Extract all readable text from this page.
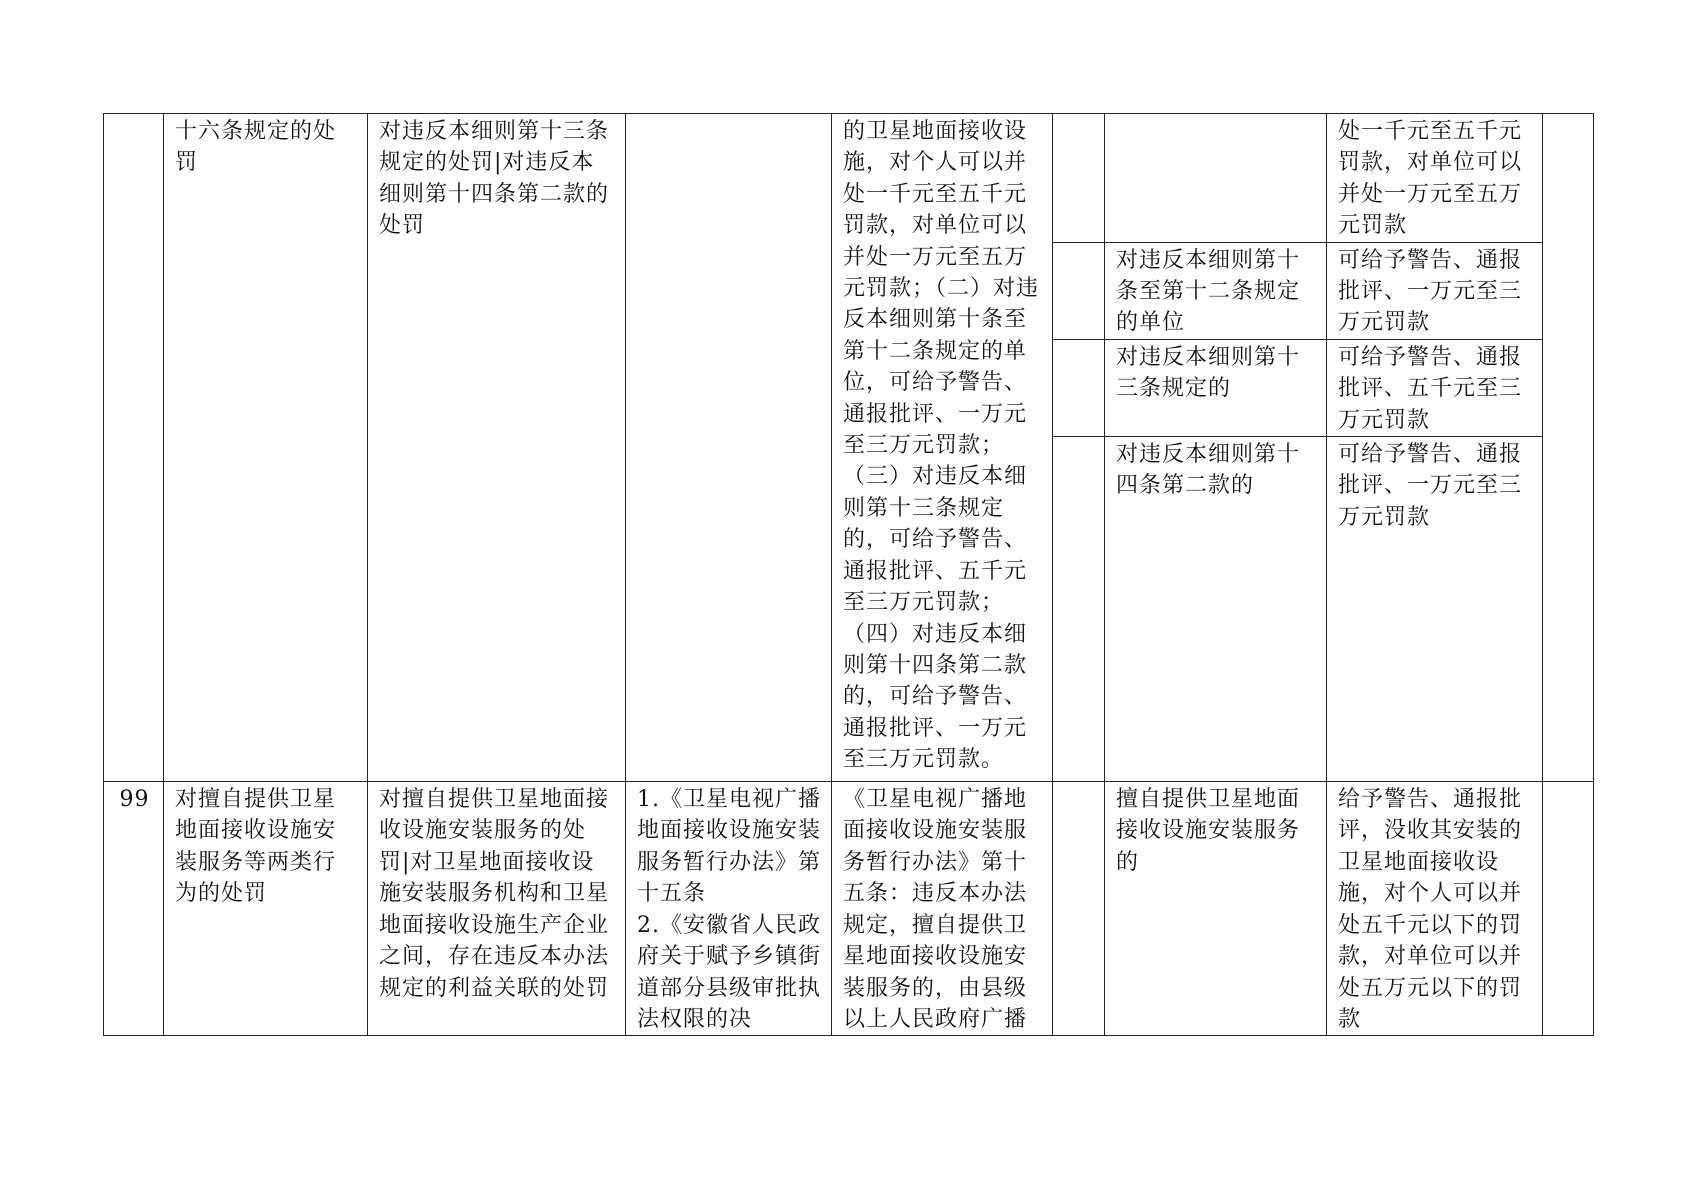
	十六条规定的处罚	对违反本细则第十三条规定的处罚|对违反本细则第十四条第二款的处罚		的卫星地面接收设施，对个人可以并处一千元至五千元罚款，对单位可以并处一万元至五万元罚款；（二）对违反本细则第十条至第十二条规定的单位，可给予警告、通报批评、一万元至三万元罚款；（三）对违反本细则第十三条规定的，可给予警告、通报批评、五千元至三万元罚款；（四）对违反本细则第十四条第二款的，可给予警告、通报批评、一万元至三万元罚款。			处一千元至五千元罚款，对单位可以并处一万元至五万元罚款	
						对违反本细则第十条至第十二条规定的单位	可给予警告、通报批评、一万元至三万元罚款	
						对违反本细则第十三条规定的	可给予警告、通报批评、五千元至三万元罚款	
						对违反本细则第十四条第二款的	可给予警告、通报批评、一万元至三万元罚款	
99	对擅自提供卫星地面接收设施安装服务等两类行为的处罚	对擅自提供卫星地面接收设施安装服务的处罚|对卫星地面接收设施安装服务机构和卫星地面接收设施生产企业之间，存在违反本办法规定的利益关联的处罚	1.《卫星电视广播地面接收设施安装服务暂行办法》第十五条
2.《安徽省人民政府关于赋予乡镇街道部分县级审批执法权限的决	《卫星电视广播地面接收设施安装服务暂行办法》第十五条：违反本办法规定，擅自提供卫星地面接收设施安装服务的，由县级以上人民政府广播		擅自提供卫星地面接收设施安装服务的	给予警告、通报批评，没收其安装的卫星地面接收设施，对个人可以并处五千元以下的罚款，对单位可以并处五万元以下的罚款	
